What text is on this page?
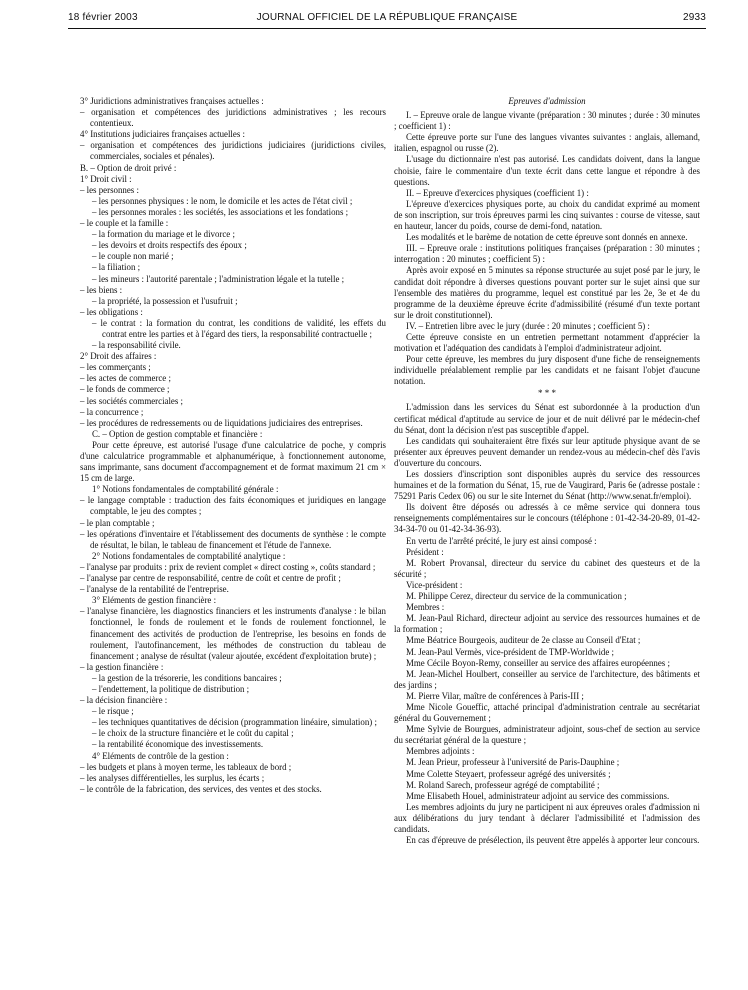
18 février 2003	JOURNAL OFFICIEL DE LA RÉPUBLIQUE FRANÇAISE	2933

3° Juridictions administratives françaises actuelles :

– organisation et compétences des juridictions administratives ; les recours contentieux.

4° Institutions judiciaires françaises actuelles :

– organisation et compétences des juridictions judiciaires (juridictions civiles, commerciales, sociales et pénales).

B. – Option de droit privé :

1° Droit civil :

– les personnes :

– les personnes physiques : le nom, le domicile et les actes de l'état civil ;

– les personnes morales : les sociétés, les associations et les fondations ;

– le couple et la famille :

– la formation du mariage et le divorce ;

– les devoirs et droits respectifs des époux ;

– le couple non marié ;

– la filiation ;

– les mineurs : l'autorité parentale ; l'administration légale et la tutelle ;

– les biens :

– la propriété, la possession et l'usufruit ;

– les obligations :

– le contrat : la formation du contrat, les conditions de validité, les effets du contrat entre les parties et à l'égard des tiers, la responsabilité contractuelle ;

– la responsabilité civile.

2° Droit des affaires :

– les commerçants ;

– les actes de commerce ;

– le fonds de commerce ;

– les sociétés commerciales ;

– la concurrence ;

– les procédures de redressements ou de liquidations judiciaires des entreprises.

C. – Option de gestion comptable et financière :

Pour cette épreuve, est autorisé l'usage d'une calculatrice de poche, y compris d'une calculatrice programmable et alphanumérique, à fonctionnement autonome, sans imprimante, sans document d'accompagnement et de format maximum 21 cm × 15 cm de large.

1° Notions fondamentales de comptabilité générale :

– le langage comptable : traduction des faits économiques et juridiques en langage comptable, le jeu des comptes ;

– le plan comptable ;

– les opérations d'inventaire et l'établissement des documents de synthèse : le compte de résultat, le bilan, le tableau de financement et l'étude de l'annexe.

2° Notions fondamentales de comptabilité analytique :

– l'analyse par produits : prix de revient complet « direct costing », coûts standard ;

– l'analyse par centre de responsabilité, centre de coût et centre de profit ;

– l'analyse de la rentabilité de l'entreprise.

3° Eléments de gestion financière :

– l'analyse financière, les diagnostics financiers et les instruments d'analyse : le bilan fonctionnel, le fonds de roulement et le fonds de roulement fonctionnel, le financement des activités de production de l'entreprise, les besoins en fonds de roulement, l'autofinancement, les méthodes de construction du tableau de financement ; analyse de résultat (valeur ajoutée, excédent d'exploitation brute) ;

– la gestion financière :

– la gestion de la trésorerie, les conditions bancaires ;

– l'endettement, la politique de distribution ;

– la décision financière :

– le risque ;

– les techniques quantitatives de décision (programmation linéaire, simulation) ;

– le choix de la structure financière et le coût du capital ;

– la rentabilité économique des investissements.

4° Eléments de contrôle de la gestion :

– les budgets et plans à moyen terme, les tableaux de bord ;

– les analyses différentielles, les surplus, les écarts ;

– le contrôle de la fabrication, des services, des ventes et des stocks.

Epreuves d'admission

I. – Epreuve orale de langue vivante (préparation : 30 minutes ; durée : 30 minutes ; coefficient 1) :

Cette épreuve porte sur l'une des langues vivantes suivantes : anglais, allemand, italien, espagnol ou russe (2).

L'usage du dictionnaire n'est pas autorisé. Les candidats doivent, dans la langue choisie, faire le commentaire d'un texte écrit dans cette langue et répondre à des questions.

II. – Epreuve d'exercices physiques (coefficient 1) :

L'épreuve d'exercices physiques porte, au choix du candidat exprimé au moment de son inscription, sur trois épreuves parmi les cinq suivantes : course de vitesse, saut en hauteur, lancer du poids, course de demi-fond, natation.

Les modalités et le barème de notation de cette épreuve sont donnés en annexe.

III. – Epreuve orale : institutions politiques françaises (préparation : 30 minutes ; interrogation : 20 minutes ; coefficient 5) :

Après avoir exposé en 5 minutes sa réponse structurée au sujet posé par le jury, le candidat doit répondre à diverses questions pouvant porter sur le sujet ainsi que sur l'ensemble des matières du programme, lequel est constitué par les 2e, 3e et 4e du programme de la deuxième épreuve écrite d'admissibilité (résumé d'un texte portant sur le droit constitutionnel).

IV. – Entretien libre avec le jury (durée : 20 minutes ; coefficient 5) :

Cette épreuve consiste en un entretien permettant notamment d'apprécier la motivation et l'adéquation des candidats à l'emploi d'administrateur adjoint.

Pour cette épreuve, les membres du jury disposent d'une fiche de renseignements individuelle préalablement remplie par les candidats et ne faisant l'objet d'aucune notation.

* * *

L'admission dans les services du Sénat est subordonnée à la production d'un certificat médical d'aptitude au service de jour et de nuit délivré par le médecin-chef du Sénat, dont la décision n'est pas susceptible d'appel.

Les candidats qui souhaiteraient être fixés sur leur aptitude physique avant de se présenter aux épreuves peuvent demander un rendez-vous au médecin-chef dès l'avis d'ouverture du concours.

Les dossiers d'inscription sont disponibles auprès du service des ressources humaines et de la formation du Sénat, 15, rue de Vaugirard, Paris 6e (adresse postale : 75291 Paris Cedex 06) ou sur le site Internet du Sénat (http://www.senat.fr/emploi).

Ils doivent être déposés ou adressés à ce même service qui donnera tous renseignements complémentaires sur le concours (téléphone : 01-42-34-20-89, 01-42-34-34-70 ou 01-42-34-36-93).

En vertu de l'arrêté précité, le jury est ainsi composé :

Président :

M. Robert Provansal, directeur du service du cabinet des questeurs et de la sécurité ;

Vice-président :

M. Philippe Cerez, directeur du service de la communication ;

Membres :

M. Jean-Paul Richard, directeur adjoint au service des ressources humaines et de la formation ;

Mme Béatrice Bourgeois, auditeur de 2e classe au Conseil d'Etat ;

M. Jean-Paul Vermès, vice-président de TMP-Worldwide ;

Mme Cécile Boyon-Remy, conseiller au service des affaires européennes ;

M. Jean-Michel Houlbert, conseiller au service de l'architecture, des bâtiments et des jardins ;

M. Pierre Vilar, maître de conférences à Paris-III ;

Mme Nicole Goueffic, attaché principal d'administration centrale au secrétariat général du Gouvernement ;

Mme Sylvie de Bourgues, administrateur adjoint, sous-chef de section au service du secrétariat général de la questure ;

Membres adjoints :

M. Jean Prieur, professeur à l'université de Paris-Dauphine ;

Mme Colette Steyaert, professeur agrégé des universités ;

M. Roland Sarech, professeur agrégé de comptabilité ;

Mme Elisabeth Houel, administrateur adjoint au service des commissions.

Les membres adjoints du jury ne participent ni aux épreuves orales d'admission ni aux délibérations du jury tendant à déclarer l'admissibilité et l'admission des candidats.

En cas d'épreuve de présélection, ils peuvent être appelés à apporter leur concours.
